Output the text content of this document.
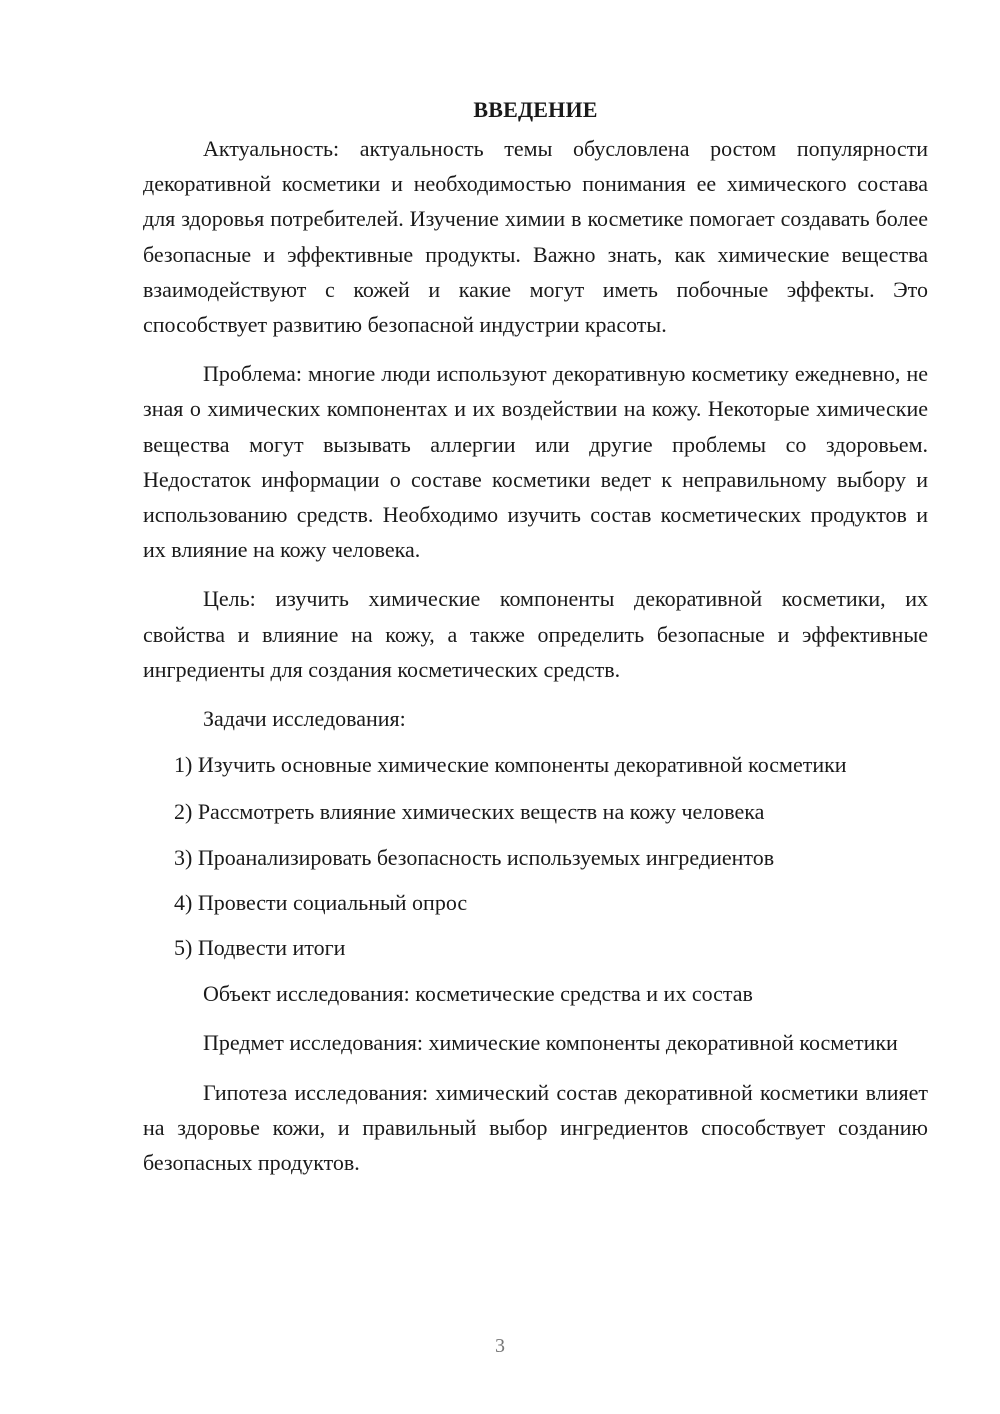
ВВЕДЕНИЕ

Актуальность: актуальность темы обусловлена ростом популярности декоративной косметики и необходимостью понимания ее химического состава для здоровья потребителей. Изучение химии в косметике помогает создавать более безопасные и эффективные продукты. Важно знать, как химические вещества взаимодействуют с кожей и какие могут иметь побочные эффекты. Это способствует развитию безопасной индустрии красоты.

Проблема: многие люди используют декоративную косметику ежедневно, не зная о химических компонентах и их воздействии на кожу. Некоторые химические вещества могут вызывать аллергии или другие проблемы со здоровьем. Недостаток информации о составе косметики ведет к неправильному выбору и использованию средств. Необходимо изучить состав косметических продуктов и их влияние на кожу человека.

Цель: изучить химические компоненты декоративной косметики, их свойства и влияние на кожу, а также определить безопасные и эффективные ингредиенты для создания косметических средств.

Задачи исследования:

1) Изучить основные химические компоненты декоративной косметики

2) Рассмотреть влияние химических веществ на кожу человека

3) Проанализировать безопасность используемых ингредиентов

4) Провести социальный опрос

5) Подвести итоги

Объект исследования: косметические средства и их состав

Предмет исследования: химические компоненты декоративной косметики

Гипотеза исследования: химический состав декоративной косметики влияет на здоровье кожи, и правильный выбор ингредиентов способствует созданию безопасных продуктов.

3
